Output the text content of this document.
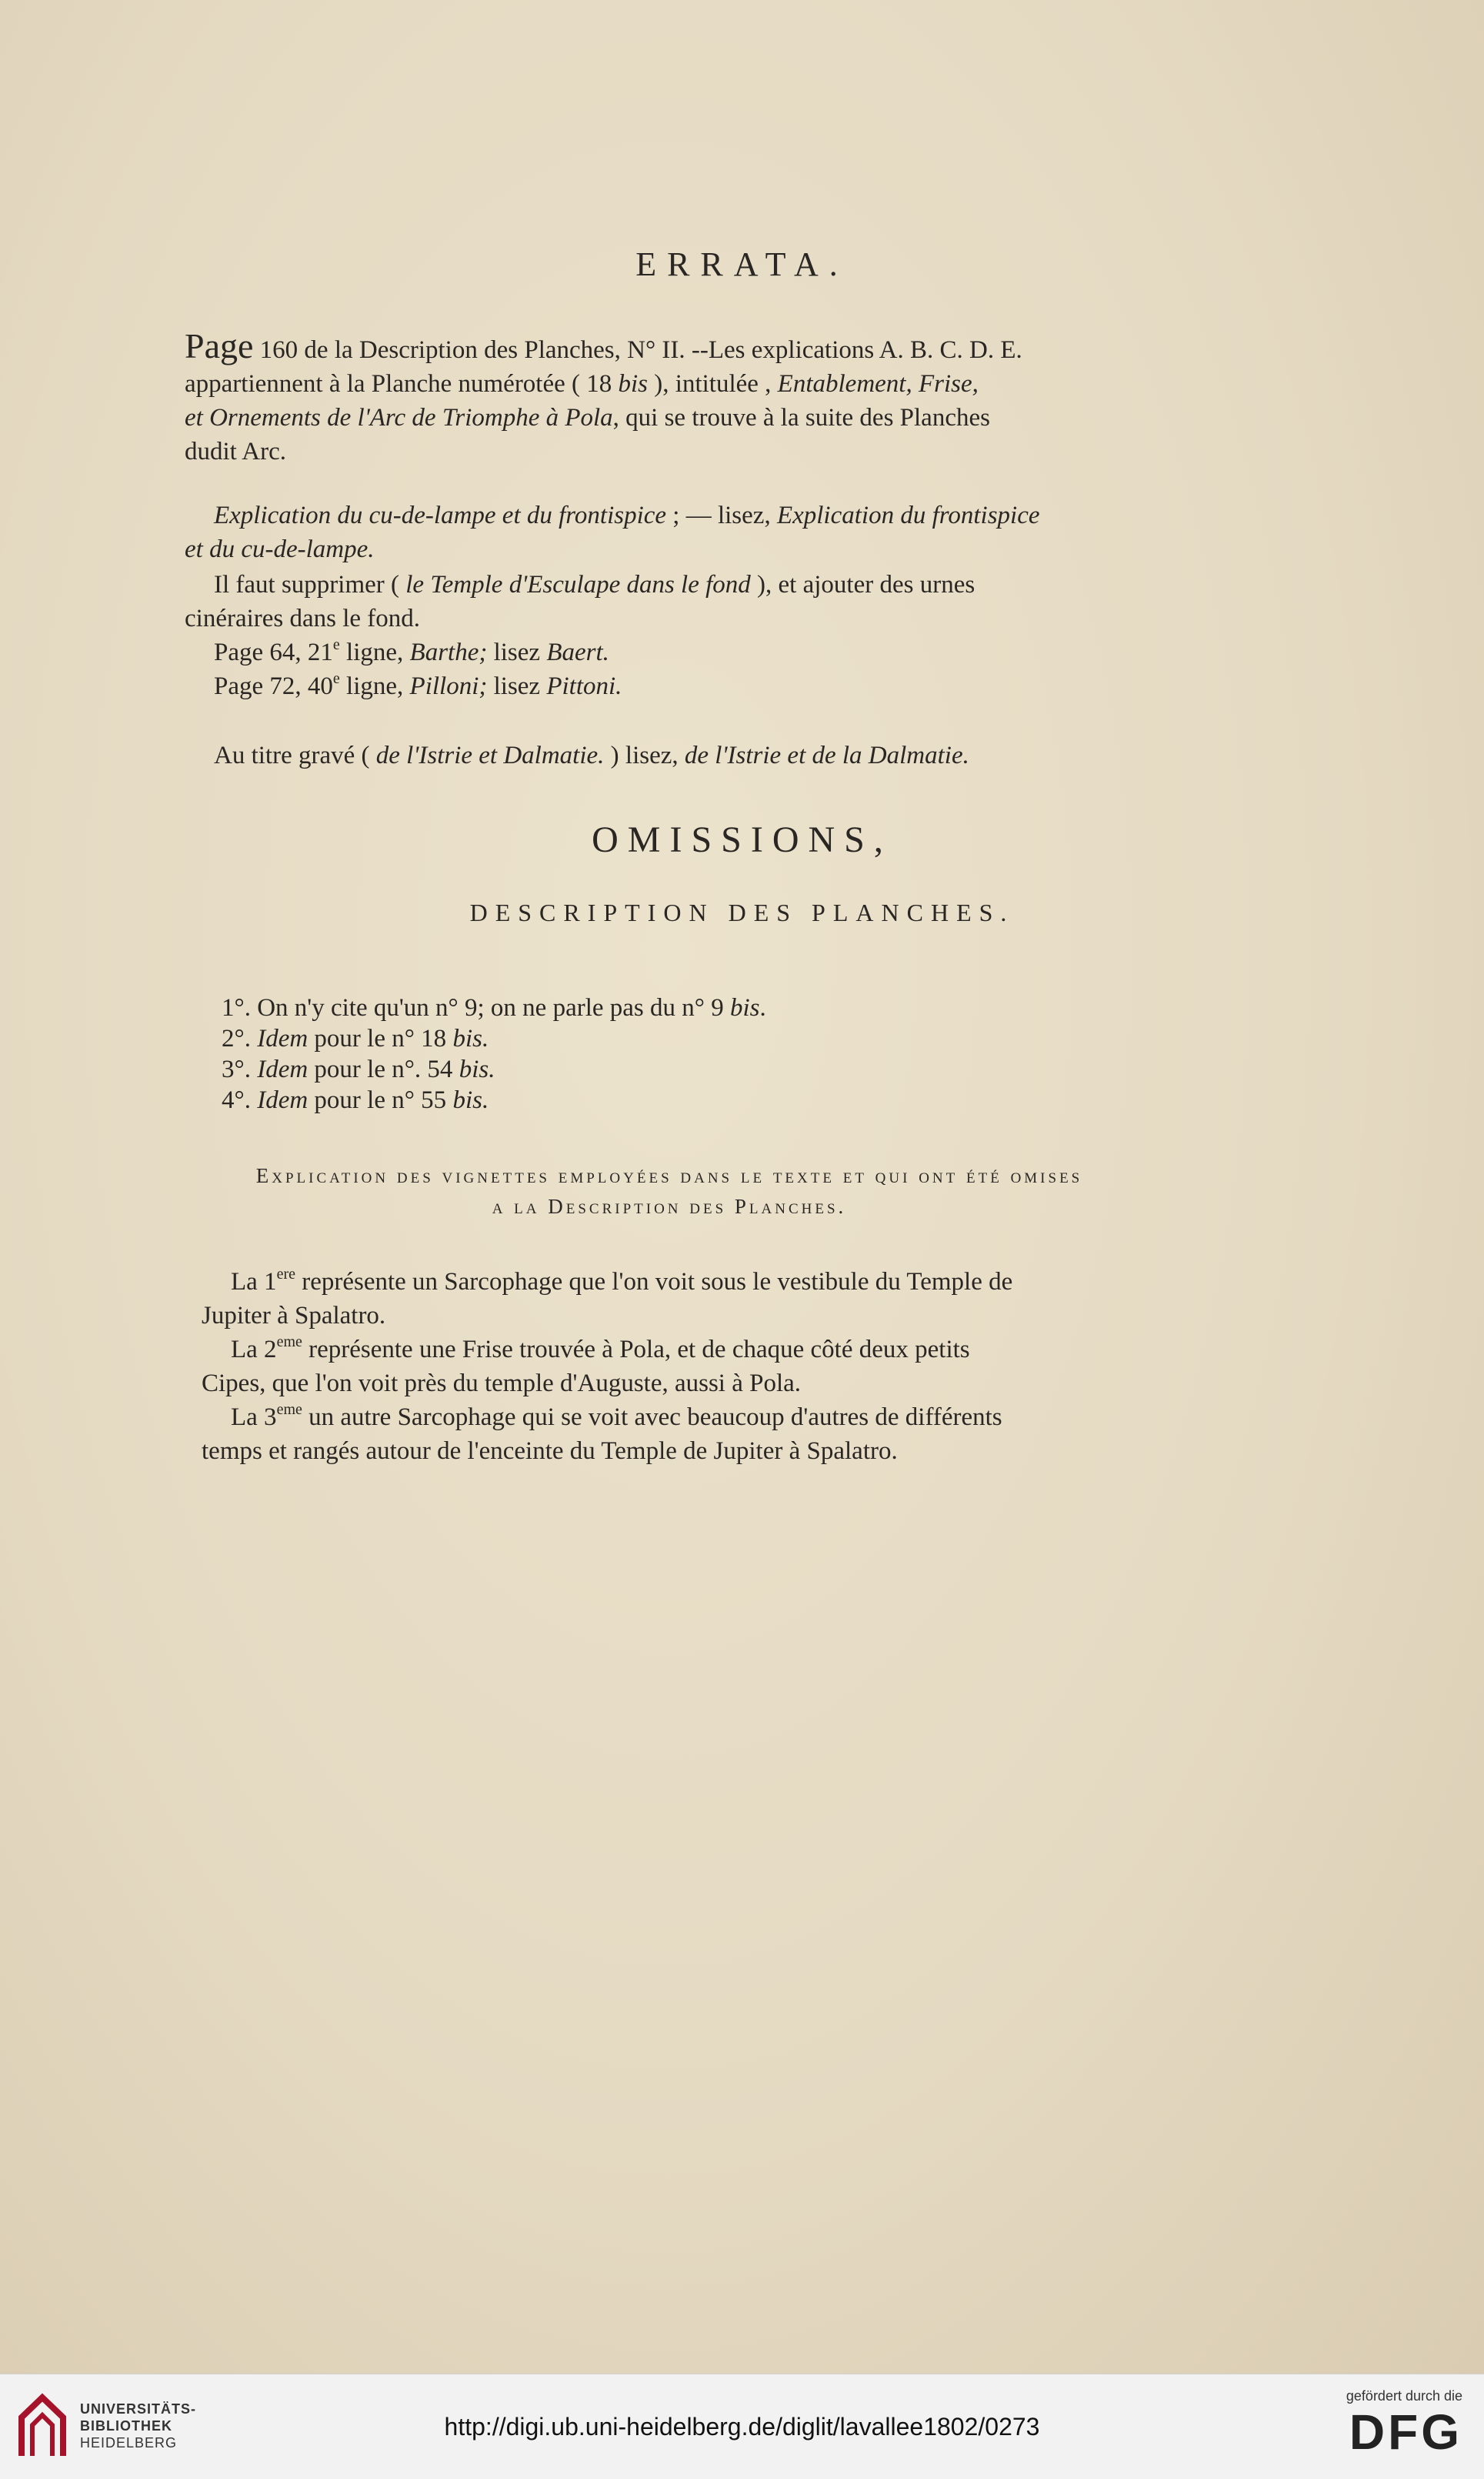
ERRATA.
Page 160 de la Description des Planches, N° II. --Les explications A. B. C. D. E.
appartiennent à la Planche numérotée ( 18 bis ), intitulée , Entablement, Frise,
et Ornements de l'Arc de Triomphe à Pola, qui se trouve à la suite des Planches
dudit Arc.
Explication du cu-de-lampe et du frontispice ; — lisez, Explication du frontispice
et du cu-de-lampe.
Il faut supprimer ( le Temple d'Esculape dans le fond ), et ajouter des urnes
cinéraires dans le fond.
Page 64, 21e ligne, Barthe; lisez Baert.
Page 72, 40e ligne, Pilloni; lisez Pittoni.
Au titre gravé ( de l'Istrie et Dalmatie. ) lisez, de l'Istrie et de la Dalmatie.
OMISSIONS,
DESCRIPTION DES PLANCHES.
1°. On n'y cite qu'un n° 9; on ne parle pas du n° 9 bis.
2°. Idem pour le n° 18 bis.
3°. Idem pour le n°. 54 bis.
4°. Idem pour le n° 55 bis.
Explication des vignettes employées dans le texte et qui ont été omises
a la Description des Planches.
La 1ere représente un Sarcophage que l'on voit sous le vestibule du Temple de
Jupiter à Spalatro.
La 2eme représente une Frise trouvée à Pola, et de chaque côté deux petits
Cipes, que l'on voit près du temple d'Auguste, aussi à Pola.
La 3eme un autre Sarcophage qui se voit avec beaucoup d'autres de différents
temps et rangés autour de l'enceinte du Temple de Jupiter à Spalatro.
UNIVERSITÄTS-
BIBLIOTHEK
HEIDELBERG
http://digi.ub.uni-heidelberg.de/diglit/lavallee1802/0273
gefördert durch die
DFG
